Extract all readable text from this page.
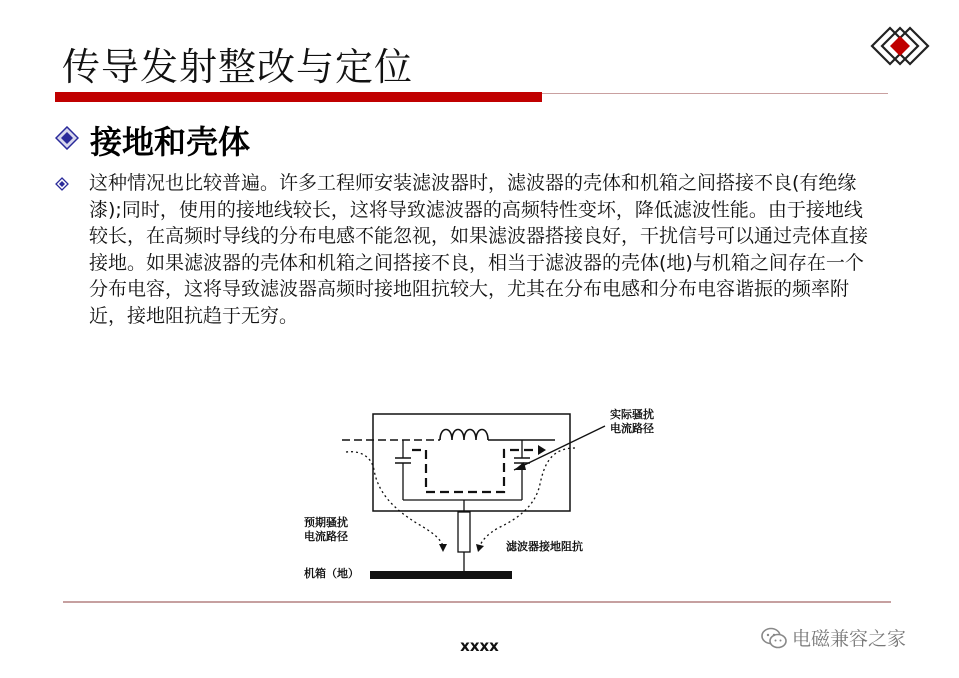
传导发射整改与定位
接地和壳体

这种情况也比较普遍。许多工程师安装滤波器时，滤波器的壳体和机箱之间搭接不良(有绝缘漆);同时，使用的接地线较长，这将导致滤波器的高频特性变坏，降低滤波性能。由于接地线较长，在高频时导线的分布电感不能忽视，如果滤波器搭接良好，干扰信号可以通过壳体直接接地。如果滤波器的壳体和机箱之间搭接不良，相当于滤波器的壳体(地)与机箱之间存在一个分布电容，这将导致滤波器高频时接地阻抗较大，尤其在分布电感和分布电容谐振的频率附近，接地阻抗趋于无穷。

实际骚扰
电流路径
预期骚扰
电流路径
滤波器接地阻抗
机箱（地）
xxxx	电磁兼容之家
